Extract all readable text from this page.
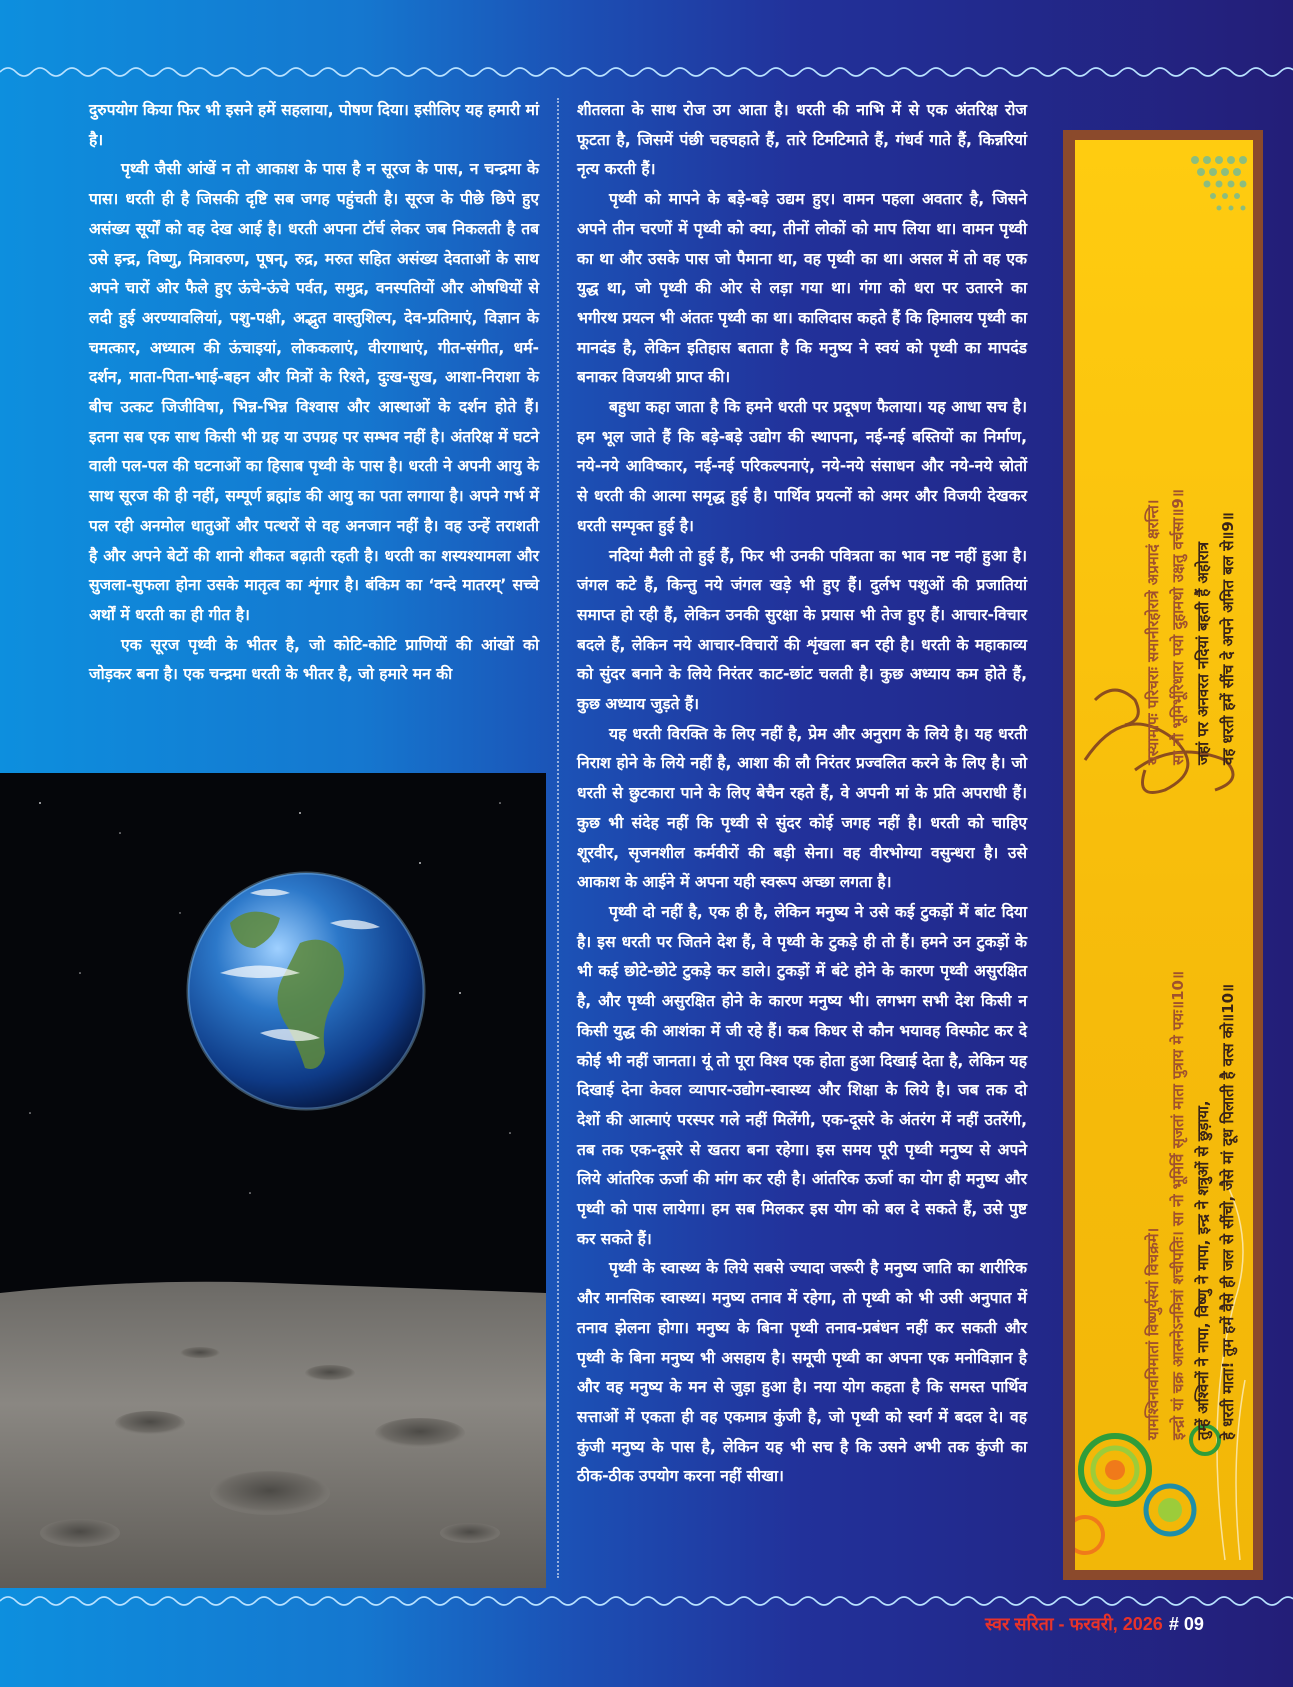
दुरुपयोग किया फिर भी इसने हमें सहलाया, पोषण दिया। इसीलिए यह हमारी मां है।

पृथ्वी जैसी आंखें न तो आकाश के पास है न सूरज के पास, न चन्द्रमा के पास। धरती ही है जिसकी दृष्टि सब जगह पहुंचती है। सूरज के पीछे छिपे हुए असंख्य सूर्यों को वह देख आई है। धरती अपना टॉर्च लेकर जब निकलती है तब उसे इन्द्र, विष्णु, मित्रावरुण, पूषन्, रुद्र, मरुत सहित असंख्य देवताओं के साथ अपने चारों ओर फैले हुए ऊंचे-ऊंचे पर्वत, समुद्र, वनस्पतियों और ओषधियों से लदी हुई अरण्यावलियां, पशु-पक्षी, अद्भुत वास्तुशिल्प, देव-प्रतिमाएं, विज्ञान के चमत्कार, अध्यात्म की ऊंचाइयां, लोककलाएं, वीरगाथाएं, गीत-संगीत, धर्म-दर्शन, माता-पिता-भाई-बहन और मित्रों के रिश्ते, दुःख-सुख, आशा-निराशा के बीच उत्कट जिजीविषा, भिन्न-भिन्न विश्वास और आस्थाओं के दर्शन होते हैं। इतना सब एक साथ किसी भी ग्रह या उपग्रह पर सम्भव नहीं है। अंतरिक्ष में घटने वाली पल-पल की घटनाओं का हिसाब पृथ्वी के पास है। धरती ने अपनी आयु के साथ सूरज की ही नहीं, सम्पूर्ण ब्रह्मांड की आयु का पता लगाया है। अपने गर्भ में पल रही अनमोल धातुओं और पत्थरों से वह अनजान नहीं है। वह उन्हें तराशती है और अपने बेटों की शानो शौकत बढ़ाती रहती है। धरती का शस्यश्यामला और सुजला-सुफला होना उसके मातृत्व का शृंगार है। बंकिम का ‘वन्दे मातरम्’ सच्चे अर्थों में धरती का ही गीत है।

एक सूरज पृथ्वी के भीतर है, जो कोटि-कोटि प्राणियों की आंखों को जोड़कर बना है। एक चन्द्रमा धरती के भीतर है, जो हमारे मन की

शीतलता के साथ रोज उग आता है। धरती की नाभि में से एक अंतरिक्ष रोज फूटता है, जिसमें पंछी चहचहाते हैं, तारे टिमटिमाते हैं, गंधर्व गाते हैं, किन्नरियां नृत्य करती हैं।

पृथ्वी को मापने के बड़े-बड़े उद्यम हुए। वामन पहला अवतार है, जिसने अपने तीन चरणों में पृथ्वी को क्या, तीनों लोकों को माप लिया था। वामन पृथ्वी का था और उसके पास जो पैमाना था, वह पृथ्वी का था। असल में तो वह एक युद्ध था, जो पृथ्वी की ओर से लड़ा गया था। गंगा को धरा पर उतारने का भगीरथ प्रयत्न भी अंततः पृथ्वी का था। कालिदास कहते हैं कि हिमालय पृथ्वी का मानदंड है, लेकिन इतिहास बताता है कि मनुष्य ने स्वयं को पृथ्वी का मापदंड बनाकर विजयश्री प्राप्त की।

बहुधा कहा जाता है कि हमने धरती पर प्रदूषण फैलाया। यह आधा सच है। हम भूल जाते हैं कि बड़े-बड़े उद्योग की स्थापना, नई-नई बस्तियों का निर्माण, नये-नये आविष्कार, नई-नई परिकल्पनाएं, नये-नये संसाधन और नये-नये स्रोतों से धरती की आत्मा समृद्ध हुई है। पार्थिव प्रयत्नों को अमर और विजयी देखकर धरती सम्पृक्त हुई है।

नदियां मैली तो हुई हैं, फिर भी उनकी पवित्रता का भाव नष्ट नहीं हुआ है। जंगल कटे हैं, किन्तु नये जंगल खड़े भी हुए हैं। दुर्लभ पशुओं की प्रजातियां समाप्त हो रही हैं, लेकिन उनकी सुरक्षा के प्रयास भी तेज हुए हैं। आचार-विचार बदले हैं, लेकिन नये आचार-विचारों की शृंखला बन रही है। धरती के महाकाव्य को सुंदर बनाने के लिये निरंतर काट-छांट चलती है। कुछ अध्याय कम होते हैं, कुछ अध्याय जुड़ते हैं।

यह धरती विरक्ति के लिए नहीं है, प्रेम और अनुराग के लिये है। यह धरती निराश होने के लिये नहीं है, आशा की लौ निरंतर प्रज्वलित करने के लिए है। जो धरती से छुटकारा पाने के लिए बेचैन रहते हैं, वे अपनी मां के प्रति अपराधी हैं। कुछ भी संदेह नहीं कि पृथ्वी से सुंदर कोई जगह नहीं है। धरती को चाहिए शूरवीर, सृजनशील कर्मवीरों की बड़ी सेना। वह वीरभोग्या वसुन्धरा है। उसे आकाश के आईने में अपना यही स्वरूप अच्छा लगता है।

पृथ्वी दो नहीं है, एक ही है, लेकिन मनुष्य ने उसे कई टुकड़ों में बांट दिया है। इस धरती पर जितने देश हैं, वे पृथ्वी के टुकड़े ही तो हैं। हमने उन टुकड़ों के भी कई छोटे-छोटे टुकड़े कर डाले। टुकड़ों में बंटे होने के कारण पृथ्वी असुरक्षित है, और पृथ्वी असुरक्षित होने के कारण मनुष्य भी। लगभग सभी देश किसी न किसी युद्ध की आशंका में जी रहे हैं। कब किधर से कौन भयावह विस्फोट कर दे कोई भी नहीं जानता। यूं तो पूरा विश्व एक होता हुआ दिखाई देता है, लेकिन यह दिखाई देना केवल व्यापार-उद्योग-स्वास्थ्य और शिक्षा के लिये है। जब तक दो देशों की आत्माएं परस्पर गले नहीं मिलेंगी, एक-दूसरे के अंतरंग में नहीं उतरेंगी, तब तक एक-दूसरे से खतरा बना रहेगा। इस समय पूरी पृथ्वी मनुष्य से अपने लिये आंतरिक ऊर्जा की मांग कर रही है। आंतरिक ऊर्जा का योग ही मनुष्य और पृथ्वी को पास लायेगा। हम सब मिलकर इस योग को बल दे सकते हैं, उसे पुष्ट कर सकते हैं।

पृथ्वी के स्वास्थ्य के लिये सबसे ज्यादा जरूरी है मनुष्य जाति का शारीरिक और मानसिक स्वास्थ्य। मनुष्य तनाव में रहेगा, तो पृथ्वी को भी उसी अनुपात में तनाव झेलना होगा। मनुष्य के बिना पृथ्वी तनाव-प्रबंधन नहीं कर सकती और पृथ्वी के बिना मनुष्य भी असहाय है। समूची पृथ्वी का अपना एक मनोविज्ञान है और वह मनुष्य के मन से जुड़ा हुआ है। नया योग कहता है कि समस्त पार्थिव सत्ताओं में एकता ही वह एकमात्र कुंजी है, जो पृथ्वी को स्वर्ग में बदल दे। वह कुंजी मनुष्य के पास है, लेकिन यह भी सच है कि उसने अभी तक कुंजी का ठीक-ठीक उपयोग करना नहीं सीखा।

यस्यामापः परिचराः समानीरहोरात्रे अप्रमादं क्षरन्ति। सा नो भूमिर्भूरिधारा पयो दुहामथो उक्षतु वर्चसा॥9॥ जहां पर अनवरत नदियां बहती हैं अहोरात्र वह धरती हमें सींच दे अपने अमित बल से॥9॥
यामश्विनावमिमातां विष्णुर्यस्यां विचक्रमे। इन्द्रो यां चक्र आत्मनेऽनमित्रां शचीपतिः। सा नो भूमिर्वि सृजतां माता पुत्राय मे पयः॥10॥ तुम्हें अश्विनों ने नापा, विष्णु ने मापा, इन्द्र ने शत्रुओं से छुड़ाया, हे धरती माता! तुम हमें वैसे ही जल से सींचो, जैसे मां दूध पिलाती है वत्स को॥10॥
स्वर सरिता - फरवरी, 2026 # 09
